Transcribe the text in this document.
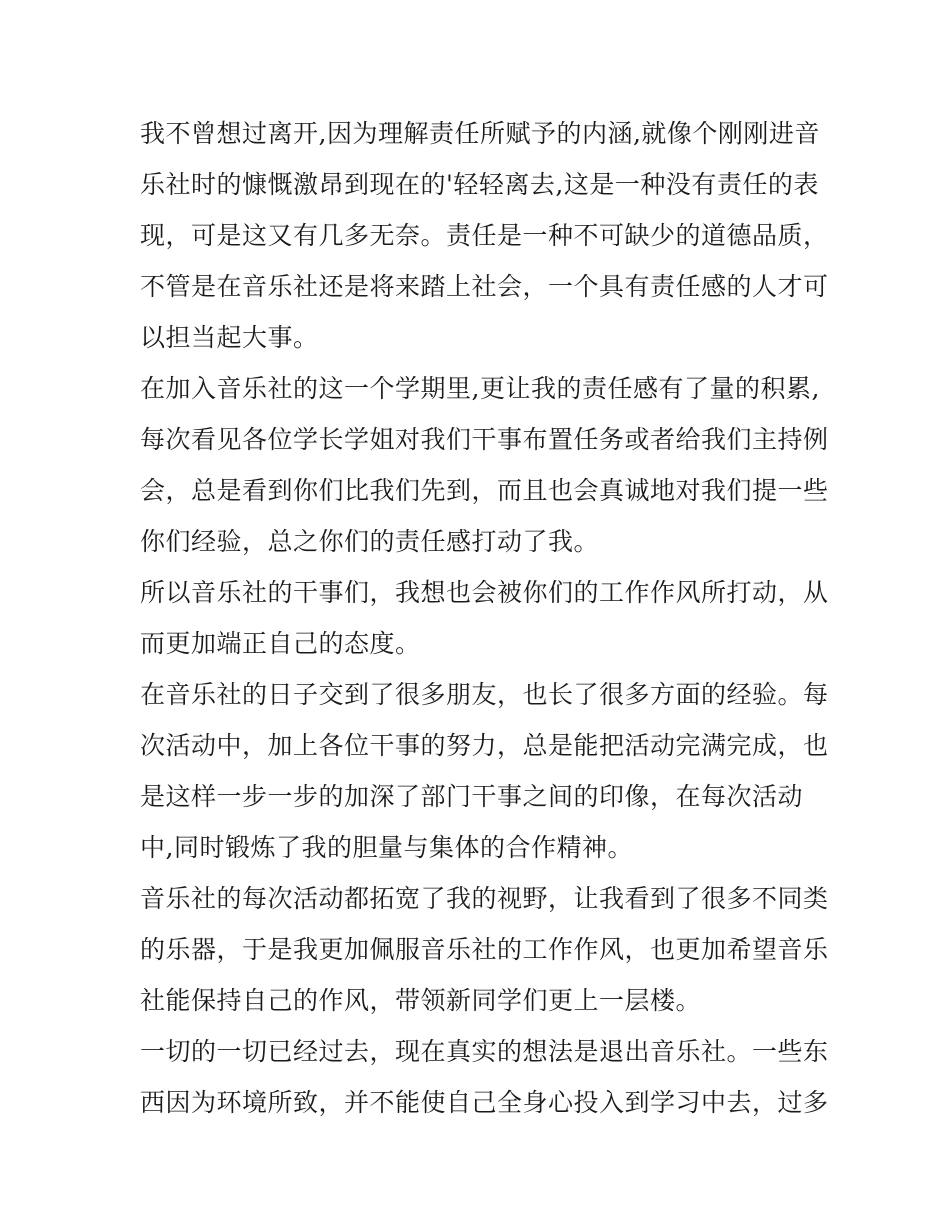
我不曾想过离开,因为理解责任所赋予的内涵,就像个刚刚进音
乐社时的慷慨激昂到现在的'轻轻离去,这是一种没有责任的表
现，可是这又有几多无奈。责任是一种不可缺少的道德品质，
不管是在音乐社还是将来踏上社会，一个具有责任感的人才可
以担当起大事。
在加入音乐社的这一个学期里,更让我的责任感有了量的积累,
每次看见各位学长学姐对我们干事布置任务或者给我们主持例
会，总是看到你们比我们先到，而且也会真诚地对我们提一些
你们经验，总之你们的责任感打动了我。
所以音乐社的干事们，我想也会被你们的工作作风所打动，从
而更加端正自己的态度。
在音乐社的日子交到了很多朋友，也长了很多方面的经验。每
次活动中，加上各位干事的努力，总是能把活动完满完成，也
是这样一步一步的加深了部门干事之间的印像，在每次活动
中,同时锻炼了我的胆量与集体的合作精神。
音乐社的每次活动都拓宽了我的视野，让我看到了很多不同类
的乐器，于是我更加佩服音乐社的工作作风，也更加希望音乐
社能保持自己的作风，带领新同学们更上一层楼。
一切的一切已经过去，现在真实的想法是退出音乐社。一些东
西因为环境所致，并不能使自己全身心投入到学习中去，过多
